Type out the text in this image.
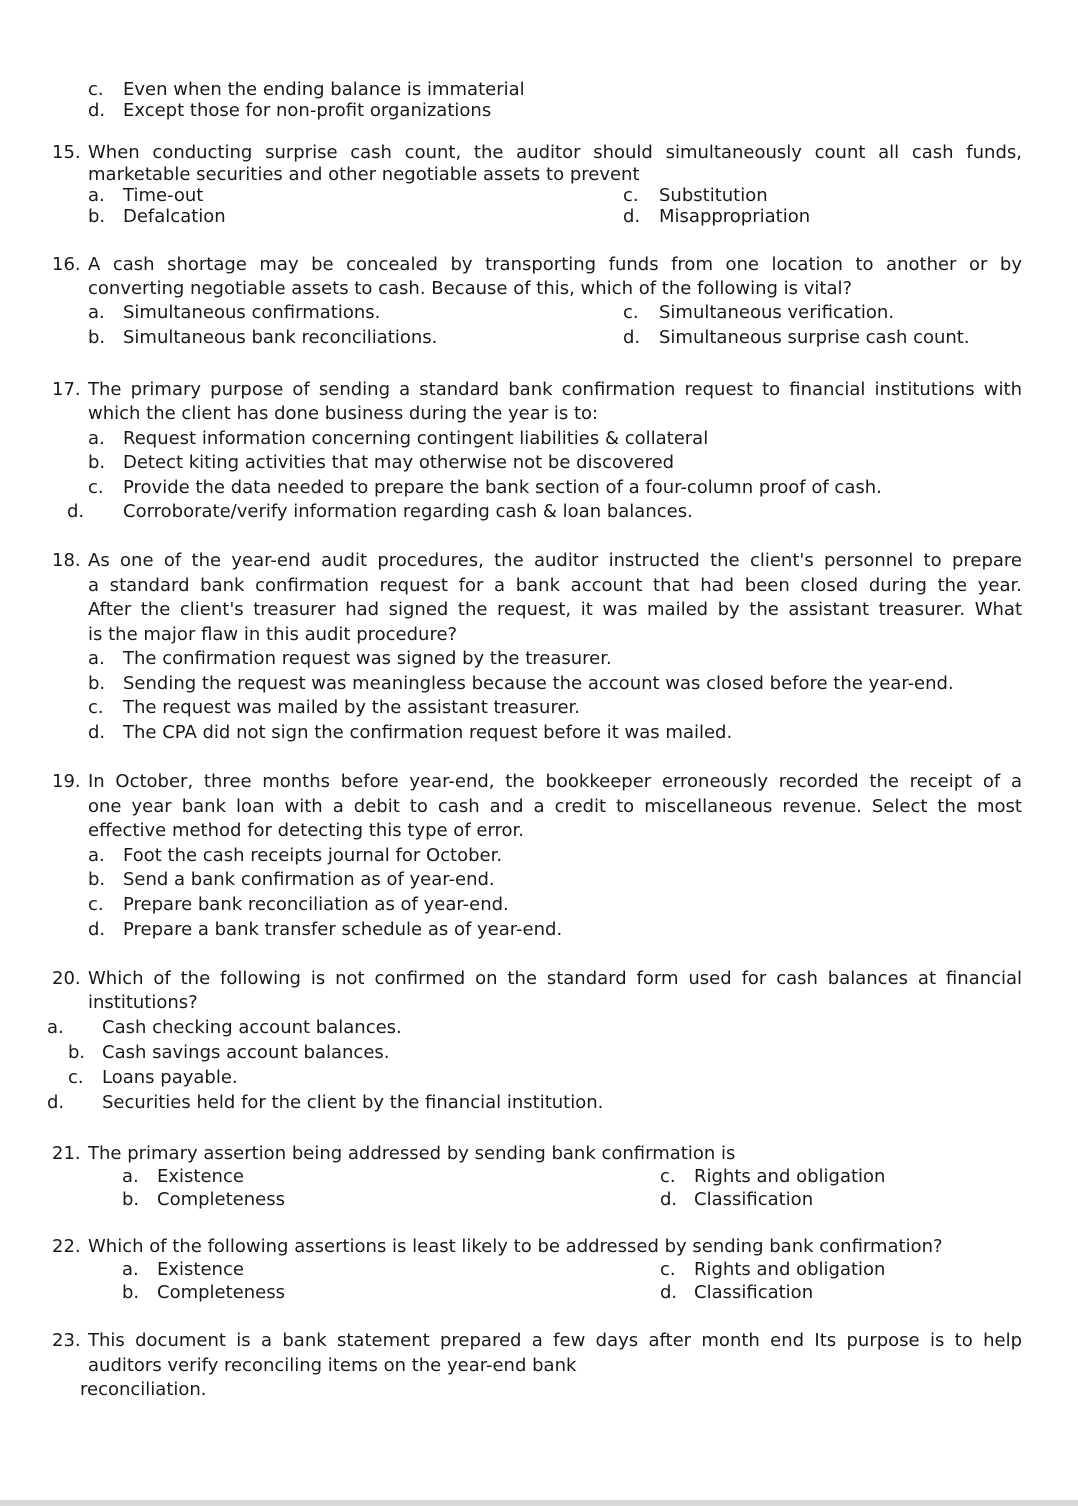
c. Even when the ending balance is immaterial
d. Except those for non-profit organizations
15. When conducting surprise cash count, the auditor should simultaneously count all cash funds,
marketable securities and other negotiable assets to prevent
a. Time-out	c. Substitution
b. Defalcation	d. Misappropriation
16. A cash shortage may be concealed by transporting funds from one location to another or by
converting negotiable assets to cash. Because of this, which of the following is vital?
a. Simultaneous confirmations.	c. Simultaneous verification.
b. Simultaneous bank reconciliations.	d. Simultaneous surprise cash count.
17. The primary purpose of sending a standard bank confirmation request to financial institutions with
which the client has done business during the year is to:
a. Request information concerning contingent liabilities & collateral
b. Detect kiting activities that may otherwise not be discovered
c. Provide the data needed to prepare the bank section of a four-column proof of cash.
d. Corroborate/verify information regarding cash & loan balances.
18. As one of the year-end audit procedures, the auditor instructed the client's personnel to prepare
a standard bank confirmation request for a bank account that had been closed during the year.
After the client's treasurer had signed the request, it was mailed by the assistant treasurer. What
is the major flaw in this audit procedure?
a. The confirmation request was signed by the treasurer.
b. Sending the request was meaningless because the account was closed before the year-end.
c. The request was mailed by the assistant treasurer.
d. The CPA did not sign the confirmation request before it was mailed.
19. In October, three months before year-end, the bookkeeper erroneously recorded the receipt of a
one year bank loan with a debit to cash and a credit to miscellaneous revenue. Select the most
effective method for detecting this type of error.
a. Foot the cash receipts journal for October.
b. Send a bank confirmation as of year-end.
c. Prepare bank reconciliation as of year-end.
d. Prepare a bank transfer schedule as of year-end.
20. Which of the following is not confirmed on the standard form used for cash balances at financial
institutions?
a. Cash checking account balances.
b. Cash savings account balances.
c. Loans payable.
d. Securities held for the client by the financial institution.
21. The primary assertion being addressed by sending bank confirmation is
a. Existence	c. Rights and obligation
b. Completeness	d. Classification
22. Which of the following assertions is least likely to be addressed by sending bank confirmation?
a. Existence	c. Rights and obligation
b. Completeness	d. Classification
23. This document is a bank statement prepared a few days after month end Its purpose is to help
auditors verify reconciling items on the year-end bank
reconciliation.
